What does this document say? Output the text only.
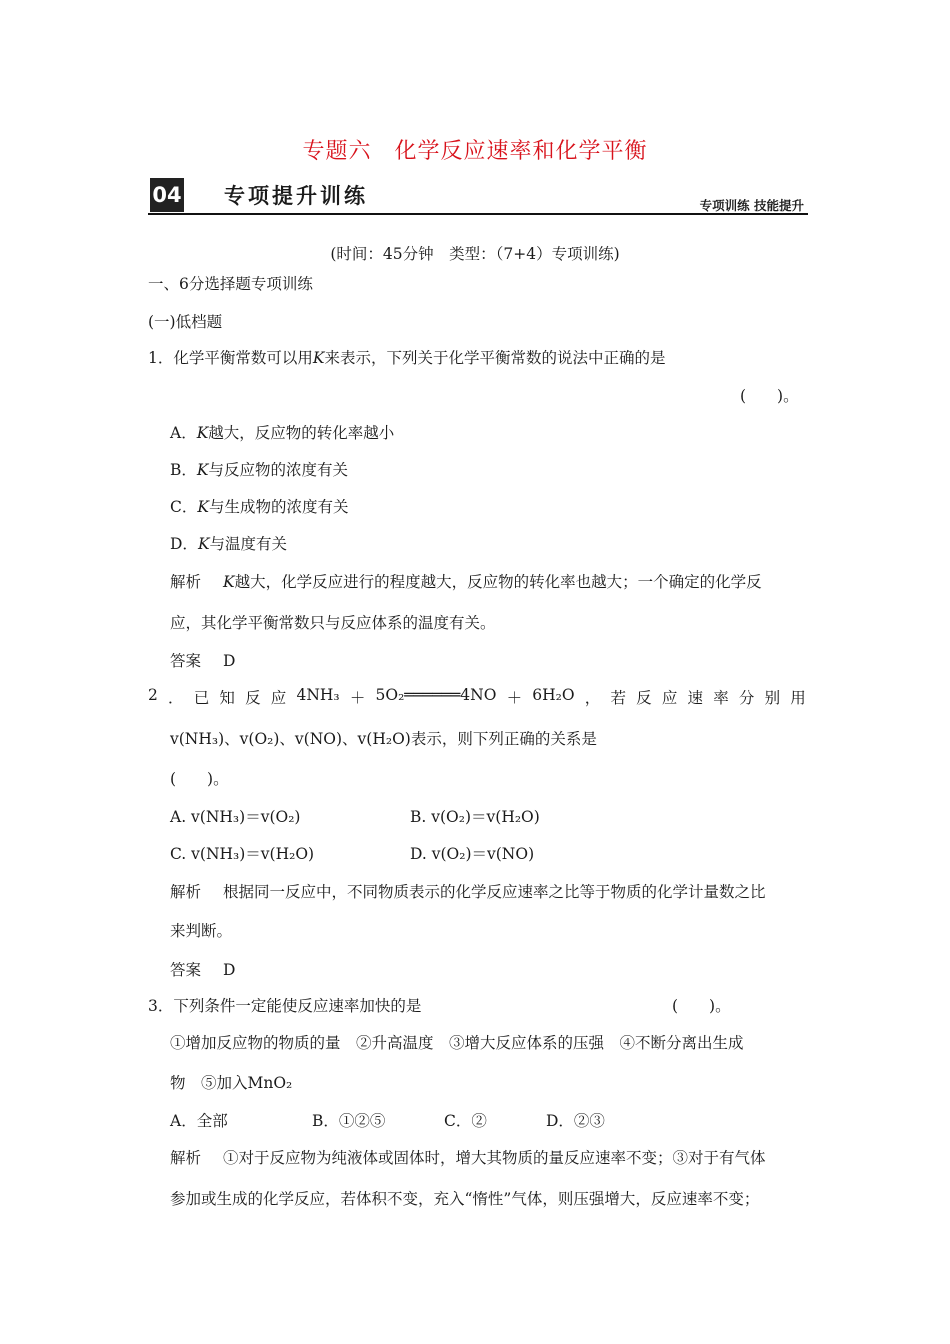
专题六　化学反应速率和化学平衡
04 专项提升训练	专项训练 技能提升
(时间：45分钟　类型：（7+4）专项训练)
一、6分选择题专项训练
(一)低档题
1．化学平衡常数可以用K来表示，下列关于化学平衡常数的说法中正确的是
(　　)。
A．K越大，反应物的转化率越小
B．K与反应物的浓度有关
C．K与生成物的浓度有关
D．K与温度有关
解析 K越大，化学反应进行的程度越大，反应物的转化率也越大；一个确定的化学反
应，其化学平衡常数只与反应体系的温度有关。
答案 D
2 ． 已 知 反 应 4NH₃ ＋ 5O₂══════4NO ＋ 6H₂O ， 若 反 应 速 率 分 别 用
v(NH₃)、v(O₂)、v(NO)、v(H₂O)表示，则下列正确的关系是
(　　)。
A. v(NH₃)＝v(O₂)	B. v(O₂)＝v(H₂O)
C. v(NH₃)＝v(H₂O)	D. v(O₂)＝v(NO)
解析 根据同一反应中，不同物质表示的化学反应速率之比等于物质的化学计量数之比
来判断。
答案 D
3．下列条件一定能使反应速率加快的是	(　　)。
①增加反应物的物质的量　②升高温度　③增大反应体系的压强　④不断分离出生成
物　⑤加入MnO₂
A．全部	B．①②⑤	C．②	D．②③
解析 ①对于反应物为纯液体或固体时，增大其物质的量反应速率不变；③对于有气体
参加或生成的化学反应，若体积不变，充入“惰性”气体，则压强增大，反应速率不变；
